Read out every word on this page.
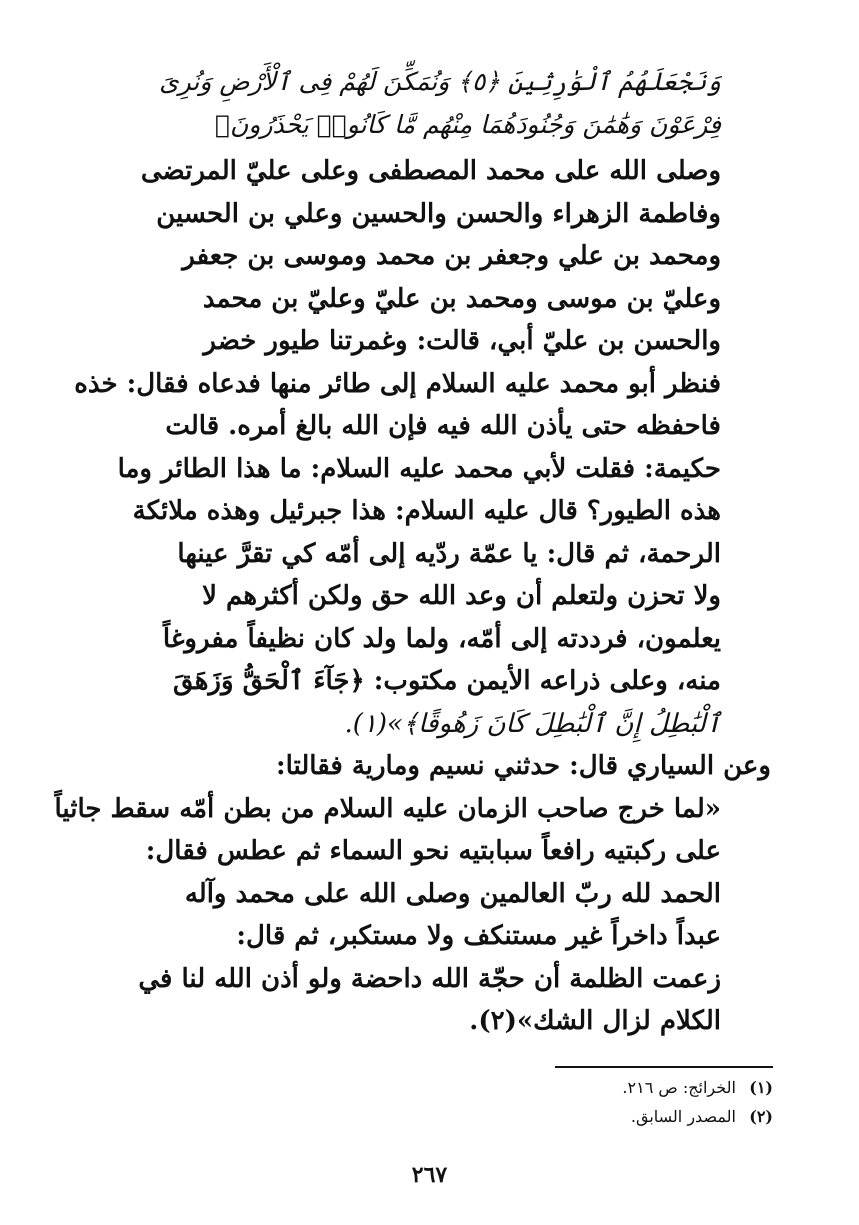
وَنَجْعَلَهُمُ ٱلْوَٰرِثِينَ ﴿٥﴾ وَنُمَكِّنَ لَهُمْ فِى ٱلْأَرْضِ وَنُرِىَ
فِرْعَوْنَ وَهَٰمَٰنَ وَجُنُودَهُمَا مِنْهُم مَّا كَانُوا۟ يَحْذَرُونَ﴾
وصلى الله على محمد المصطفى وعلى عليّ المرتضى
وفاطمة الزهراء والحسن والحسين وعلي بن الحسين
ومحمد بن علي وجعفر بن محمد وموسى بن جعفر
وعليّ بن موسى ومحمد بن عليّ وعليّ بن محمد
والحسن بن عليّ أبي، قالت: وغمرتنا طيور خضر
فنظر أبو محمد عليه السلام إلى طائر منها فدعاه فقال: خذه
فاحفظه حتى يأذن الله فيه فإن الله بالغ أمره. قالت
حكيمة: فقلت لأبي محمد عليه السلام: ما هذا الطائر وما
هذه الطيور؟ قال عليه السلام: هذا جبرئيل وهذه ملائكة
الرحمة، ثم قال: يا عمّة ردّيه إلى أمّه كي تقرَّ عينها
ولا تحزن ولتعلم أن وعد الله حق ولكن أكثرهم لا
يعلمون، فرددته إلى أمّه، ولما ولد كان نظيفاً مفروغاً
منه، وعلى ذراعه الأيمن مكتوب: ﴿جَآءَ ٱلْحَقُّ وَزَهَقَ
ٱلْبَٰطِلُ إِنَّ ٱلْبَٰطِلَ كَانَ زَهُوقًا﴾»(١).
وعن السياري قال: حدثني نسيم ومارية فقالتا:
«لما خرج صاحب الزمان عليه السلام من بطن أمّه سقط جاثياً
على ركبتيه رافعاً سبابتيه نحو السماء ثم عطس فقال:
الحمد لله ربّ العالمين وصلى الله على محمد وآله
عبداً داخراً غير مستنكف ولا مستكبر، ثم قال:
زعمت الظلمة أن حجّة الله داحضة ولو أذن الله لنا في
الكلام لزال الشك»(٢).
(١) الخرائج: ص ٢١٦.
(٢) المصدر السابق.
٢٦٧
